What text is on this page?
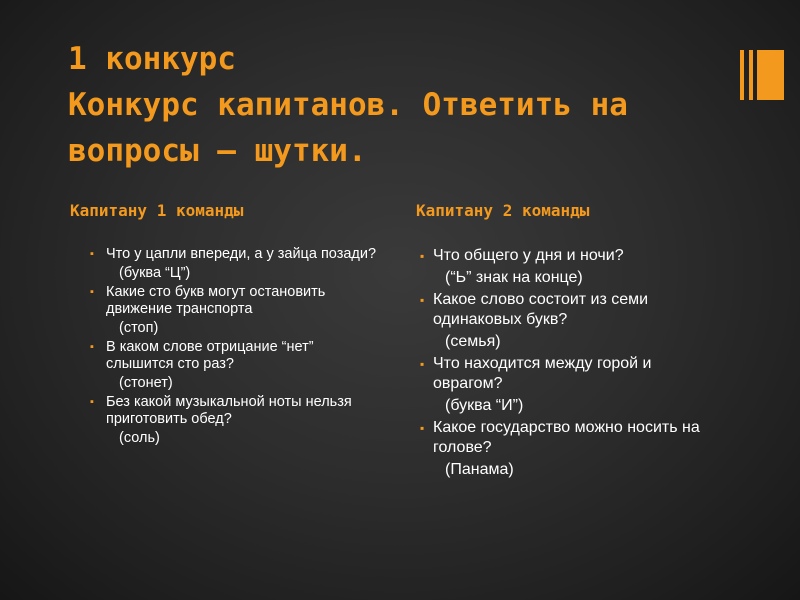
1 конкурс
Конкурс капитанов. Ответить на
вопросы – шутки.
Капитану 1 команды	Капитану 2 команды
▪ Что у цапли впереди, а у зайца позади?
(буква “Ц”)
▪ Какие сто букв могут остановить движение транспорта
(стоп)
▪ В каком слове отрицание “нет” слышится сто раз?
(стонет)
▪ Без какой музыкальной ноты нельзя приготовить обед?
(соль)
▪ Что общего у дня и ночи?
(“Ь” знак на конце)
▪ Какое слово состоит из семи одинаковых букв?
(семья)
▪ Что находится между горой и оврагом?
(буква “И”)
▪ Какое государство можно носить на голове?
(Панама)
